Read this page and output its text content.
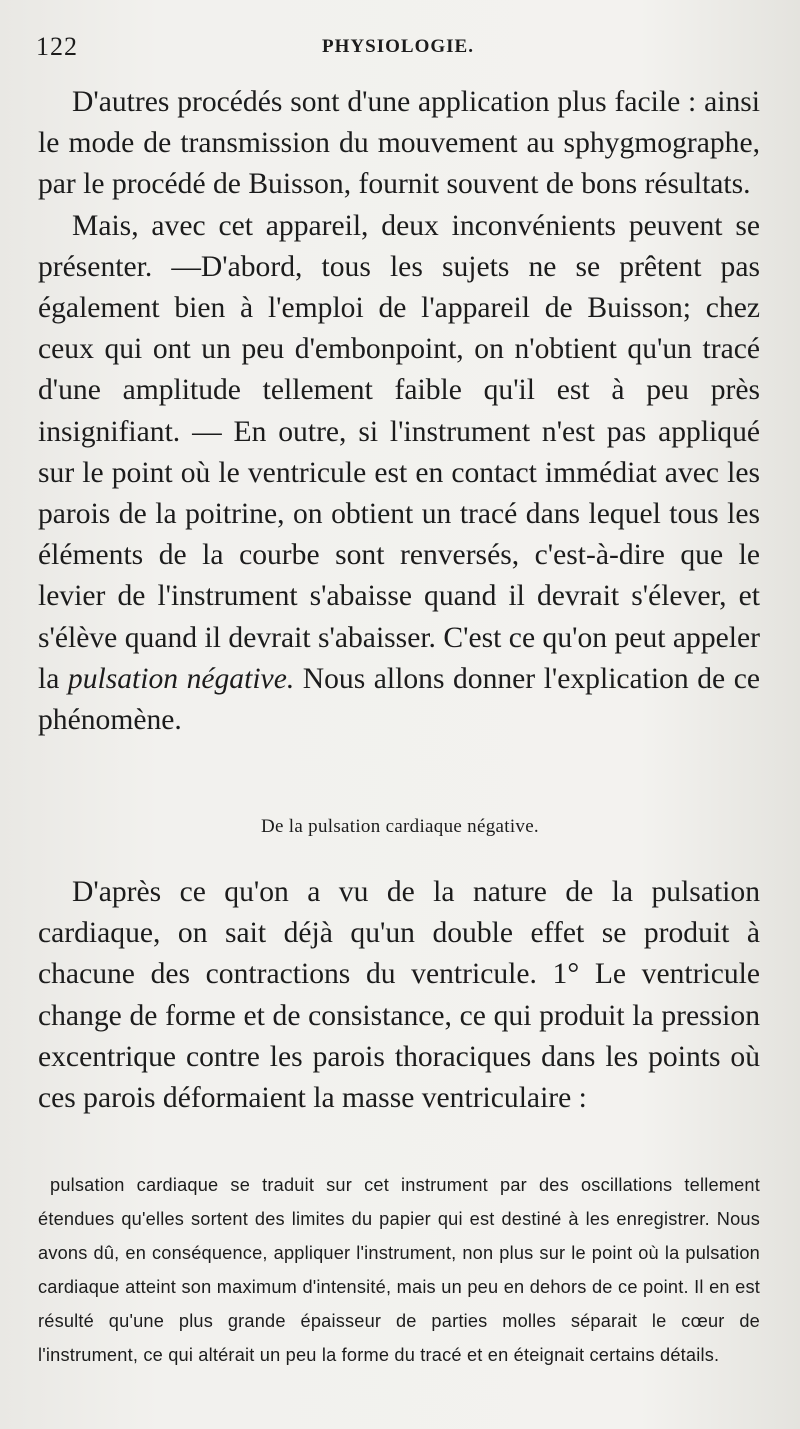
122	PHYSIOLOGIE.

D'autres procédés sont d'une application plus facile : ainsi le mode de transmission du mouvement au sphygmographe, par le procédé de Buisson, fournit souvent de bons résultats.

Mais, avec cet appareil, deux inconvénients peuvent se présenter. —D'abord, tous les sujets ne se prêtent pas également bien à l'emploi de l'appareil de Buisson; chez ceux qui ont un peu d'embonpoint, on n'obtient qu'un tracé d'une amplitude tellement faible qu'il est à peu près insignifiant. — En outre, si l'instrument n'est pas appliqué sur le point où le ventricule est en contact immédiat avec les parois de la poitrine, on obtient un tracé dans lequel tous les éléments de la courbe sont renversés, c'est-à-dire que le levier de l'instrument s'abaisse quand il devrait s'élever, et s'élève quand il devrait s'abaisser. C'est ce qu'on peut appeler la pulsation négative. Nous allons donner l'explication de ce phénomène.

De la pulsation cardiaque négative.

D'après ce qu'on a vu de la nature de la pulsation cardiaque, on sait déjà qu'un double effet se produit à chacune des contractions du ventricule. 1° Le ventricule change de forme et de consistance, ce qui produit la pression excentrique contre les parois thoraciques dans les points où ces parois déformaient la masse ventriculaire :

pulsation cardiaque se traduit sur cet instrument par des oscillations tellement étendues qu'elles sortent des limites du papier qui est destiné à les enregistrer. Nous avons dû, en conséquence, appliquer l'instrument, non plus sur le point où la pulsation cardiaque atteint son maximum d'intensité, mais un peu en dehors de ce point. Il en est résulté qu'une plus grande épaisseur de parties molles séparait le cœur de l'instrument, ce qui altérait un peu la forme du tracé et en éteignait certains détails.
